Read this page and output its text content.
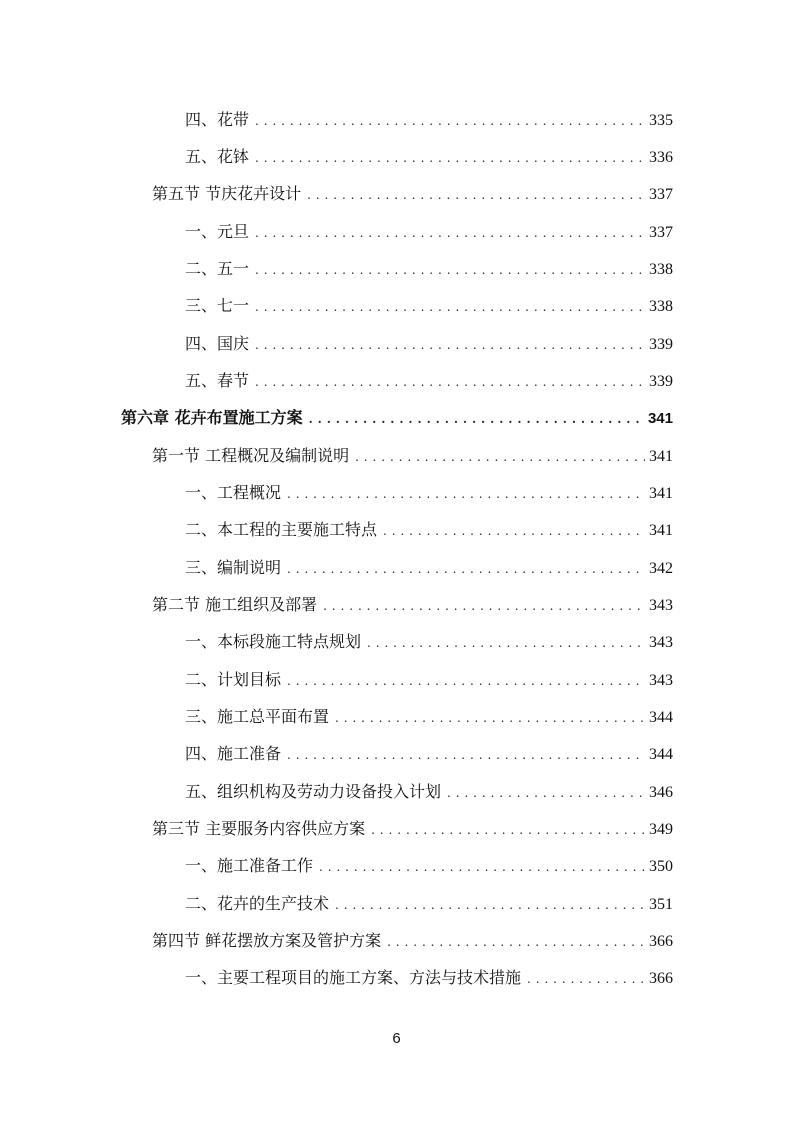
四、花带 .....	335
五、花钵 .....	336
第五节 节庆花卉设计 .....	337
一、元旦 .....	337
二、五一 .....	338
三、七一 .....	338
四、国庆 .....	339
五、春节 .....	339
第六章 花卉布置施工方案 .....	341
第一节 工程概况及编制说明 .....	341
一、工程概况 .....	341
二、本工程的主要施工特点 .....	341
三、编制说明 .....	342
第二节 施工组织及部署 .....	343
一、本标段施工特点规划 .....	343
二、计划目标 .....	343
三、施工总平面布置 .....	344
四、施工准备 .....	344
五、组织机构及劳动力设备投入计划 .....	346
第三节 主要服务内容供应方案 .....	349
一、施工准备工作 .....	350
二、花卉的生产技术 .....	351
第四节 鲜花摆放方案及管护方案 .....	366
一、主要工程项目的施工方案、方法与技术措施 .....	366
6
